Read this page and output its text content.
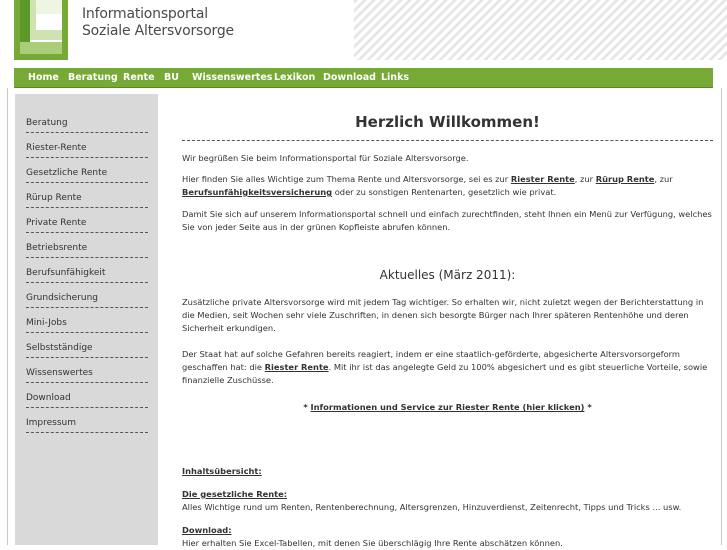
Informationsportal
Soziale Altersvorsorge
Home Beratung Rente BU Wissenswertes Lexikon Download Links
Beratung
Riester-Rente
Gesetzliche Rente
Rürup Rente
Private Rente
Betriebsrente
Berufsunfähigkeit
Grundsicherung
Mini-Jobs
Selbstständige
Wissenswertes
Download
Impressum
Herzlich Willkommen!
Wir begrüßen Sie beim Informationsportal für Soziale Altersvorsorge.
Hier finden Sie alles Wichtige zum Thema Rente und Altersvorsorge, sei es zur Riester Rente, zur Rürup Rente, zur
Berufsunfähigkeitsversicherung oder zu sonstigen Rentenarten, gesetzlich wie privat.
Damit Sie sich auf unserem Informationsportal schnell und einfach zurechtfinden, steht Ihnen ein Menü zur Verfügung, welches Sie von jeder Seite aus in der grünen Kopfleiste abrufen können.
Aktuelles (März 2011):
Zusätzliche private Altersvorsorge wird mit jedem Tag wichtiger. So erhalten wir, nicht zuletzt wegen der Berichterstattung in die Medien, seit Wochen sehr viele Zuschriften, in denen sich besorgte Bürger nach Ihrer späteren Rentenhöhe und deren Sicherheit erkundigen.
Der Staat hat auf solche Gefahren bereits reagiert, indem er eine staatlich-geförderte, abgesicherte Altersvorsorgeform geschaffen hat: die Riester Rente. Mit ihr ist das angelegte Geld zu 100% abgesichert und es gibt steuerliche Vorteile, sowie finanzielle Zuschüsse.
* Informationen und Service zur Riester Rente (hier klicken) *
Inhaltsübersicht:
Die gesetzliche Rente:
Alles Wichtige rund um Renten, Rentenberechnung, Altersgrenzen, Hinzuverdienst, Zeitenrecht, Tipps und Tricks ... usw.
Download:
Hier erhalten Sie Excel-Tabellen, mit denen Sie überschlägig Ihre Rente abschätzen können.
